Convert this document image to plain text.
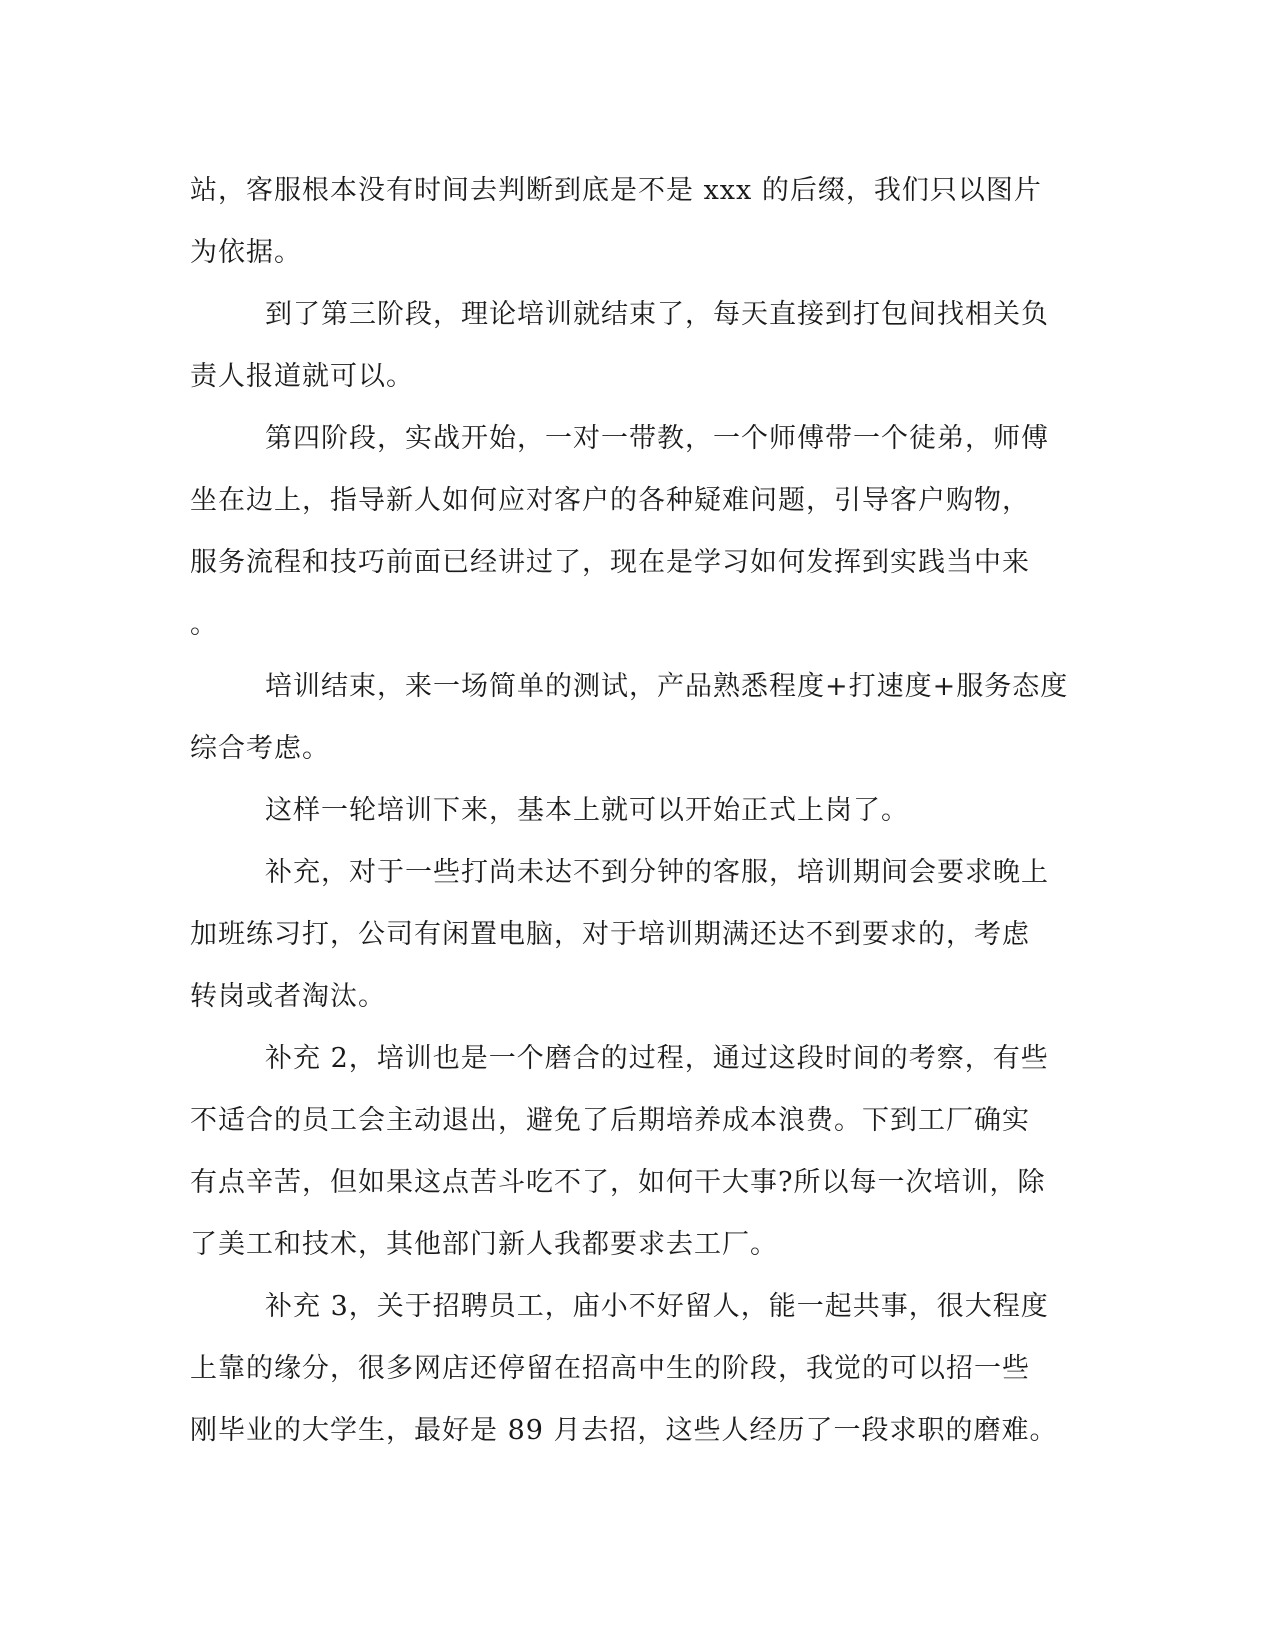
站，客服根本没有时间去判断到底是不是 xxx 的后缀，我们只以图片
为依据。
到了第三阶段，理论培训就结束了，每天直接到打包间找相关负
责人报道就可以。
第四阶段，实战开始，一对一带教，一个师傅带一个徒弟，师傅
坐在边上，指导新人如何应对客户的各种疑难问题，引导客户购物，
服务流程和技巧前面已经讲过了，现在是学习如何发挥到实践当中来
。
培训结束，来一场简单的测试，产品熟悉程度+打速度+服务态度
综合考虑。
这样一轮培训下来，基本上就可以开始正式上岗了。
补充，对于一些打尚未达不到分钟的客服，培训期间会要求晚上
加班练习打，公司有闲置电脑，对于培训期满还达不到要求的，考虑
转岗或者淘汰。
补充 2，培训也是一个磨合的过程，通过这段时间的考察，有些
不适合的员工会主动退出，避免了后期培养成本浪费。下到工厂确实
有点辛苦，但如果这点苦斗吃不了，如何干大事?所以每一次培训，除
了美工和技术，其他部门新人我都要求去工厂。
补充 3，关于招聘员工，庙小不好留人，能一起共事，很大程度
上靠的缘分，很多网店还停留在招高中生的阶段，我觉的可以招一些
刚毕业的大学生，最好是 89 月去招，这些人经历了一段求职的磨难。
